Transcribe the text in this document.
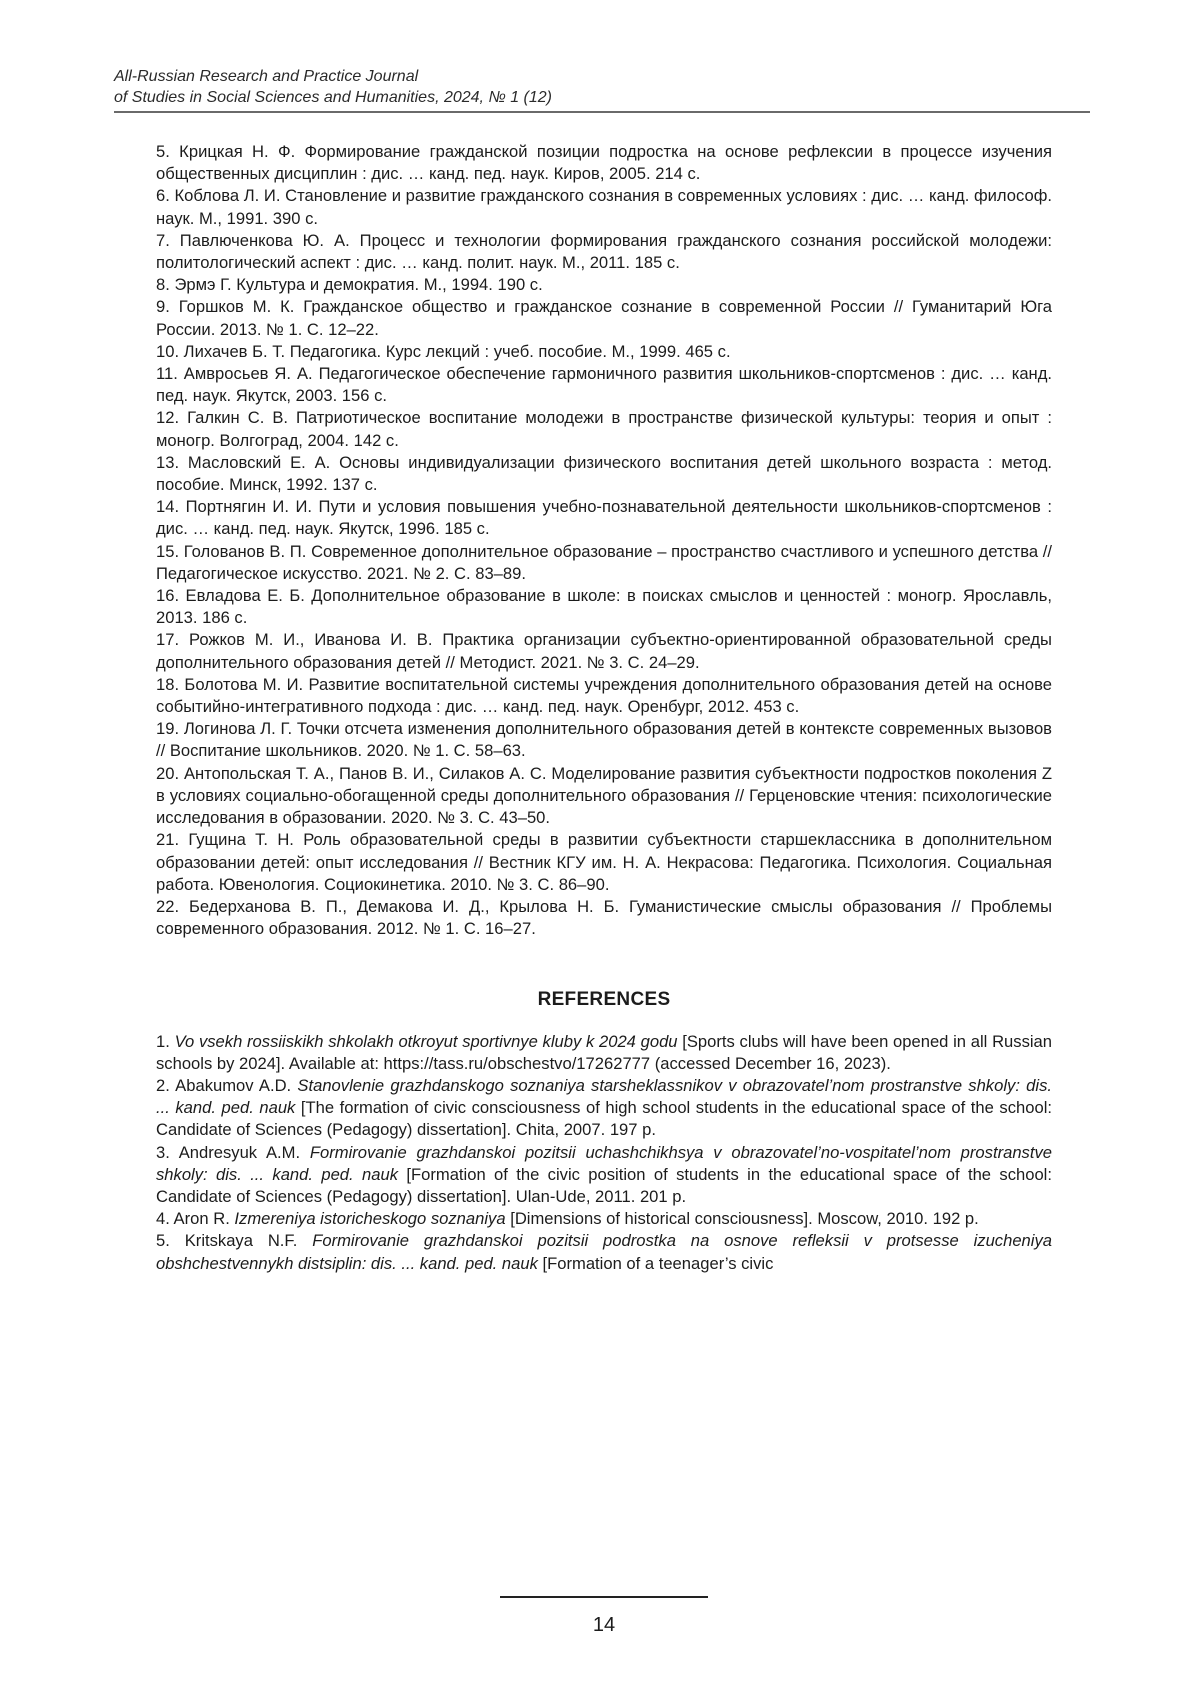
All-Russian Research and Practice Journal
of Studies in Social Sciences and Humanities, 2024, № 1 (12)

5. Крицкая Н. Ф. Формирование гражданской позиции подростка на основе рефлексии в процессе изучения общественных дисциплин : дис. … канд. пед. наук. Киров, 2005. 214 с.

6. Коблова Л. И. Становление и развитие гражданского сознания в современных условиях : дис. … канд. философ. наук. М., 1991. 390 с.

7. Павлюченкова Ю. А. Процесс и технологии формирования гражданского сознания российской молодежи: политологический аспект : дис. … канд. полит. наук. М., 2011. 185 с.

8. Эрмэ Г. Культура и демократия. М., 1994. 190 с.

9. Горшков М. К. Гражданское общество и гражданское сознание в современной России // Гуманитарий Юга России. 2013. № 1. С. 12–22.

10. Лихачев Б. Т. Педагогика. Курс лекций : учеб. пособие. М., 1999. 465 с.

11. Амвросьев Я. А. Педагогическое обеспечение гармоничного развития школьников-спортсменов : дис. … канд. пед. наук. Якутск, 2003. 156 с.

12. Галкин С. В. Патриотическое воспитание молодежи в пространстве физической культуры: теория и опыт : моногр. Волгоград, 2004. 142 с.

13. Масловский Е. А. Основы индивидуализации физического воспитания детей школьного возраста : метод. пособие. Минск, 1992. 137 с.

14. Портнягин И. И. Пути и условия повышения учебно-познавательной деятельности школьников-спортсменов : дис. … канд. пед. наук. Якутск, 1996. 185 с.

15. Голованов В. П. Современное дополнительное образование – пространство счастливого и успешного детства // Педагогическое искусство. 2021. № 2. С. 83–89.

16. Евладова Е. Б. Дополнительное образование в школе: в поисках смыслов и ценностей : моногр. Ярославль, 2013. 186 с.

17. Рожков М. И., Иванова И. В. Практика организации субъектно-ориентированной образовательной среды дополнительного образования детей // Методист. 2021. № 3. С. 24–29.

18. Болотова М. И. Развитие воспитательной системы учреждения дополнительного образования детей на основе событийно-интегративного подхода : дис. … канд. пед. наук. Оренбург, 2012. 453 с.

19. Логинова Л. Г. Точки отсчета изменения дополнительного образования детей в контексте современных вызовов // Воспитание школьников. 2020. № 1. С. 58–63.

20. Антопольская Т. А., Панов В. И., Силаков А. С. Моделирование развития субъектности подростков поколения Z в условиях социально-обогащенной среды дополнительного образования // Герценовские чтения: психологические исследования в образовании. 2020. № 3. С. 43–50.

21. Гущина Т. Н. Роль образовательной среды в развитии субъектности старшеклассника в дополнительном образовании детей: опыт исследования // Вестник КГУ им. Н. А. Некрасова: Педагогика. Психология. Социальная работа. Ювенология. Социокинетика. 2010. № 3. С. 86–90.

22. Бедерханова В. П., Демакова И. Д., Крылова Н. Б. Гуманистические смыслы образования // Проблемы современного образования. 2012. № 1. С. 16–27.

REFERENCES

1. Vo vsekh rossiiskikh shkolakh otkroyut sportivnye kluby k 2024 godu [Sports clubs will have been opened in all Russian schools by 2024]. Available at: https://tass.ru/obschestvo/17262777 (accessed December 16, 2023).

2. Abakumov A.D. Stanovlenie grazhdanskogo soznaniya starsheklassnikov v obrazovatel’nom prostranstve shkoly: dis. ... kand. ped. nauk [The formation of civic consciousness of high school students in the educational space of the school: Candidate of Sciences (Pedagogy) dissertation]. Chita, 2007. 197 p.

3. Andresyuk A.M. Formirovanie grazhdanskoi pozitsii uchashchikhsya v obrazovatel’no-vospitatel’nom prostranstve shkoly: dis. ... kand. ped. nauk [Formation of the civic position of students in the educational space of the school: Candidate of Sciences (Pedagogy) dissertation]. Ulan-Ude, 2011. 201 p.

4. Aron R. Izmereniya istoricheskogo soznaniya [Dimensions of historical consciousness]. Moscow, 2010. 192 p.

5. Kritskaya N.F. Formirovanie grazhdanskoi pozitsii podrostka na osnove refleksii v protsesse izucheniya obshchestvennykh distsiplin: dis. ... kand. ped. nauk [Formation of a teenager’s civic

14
